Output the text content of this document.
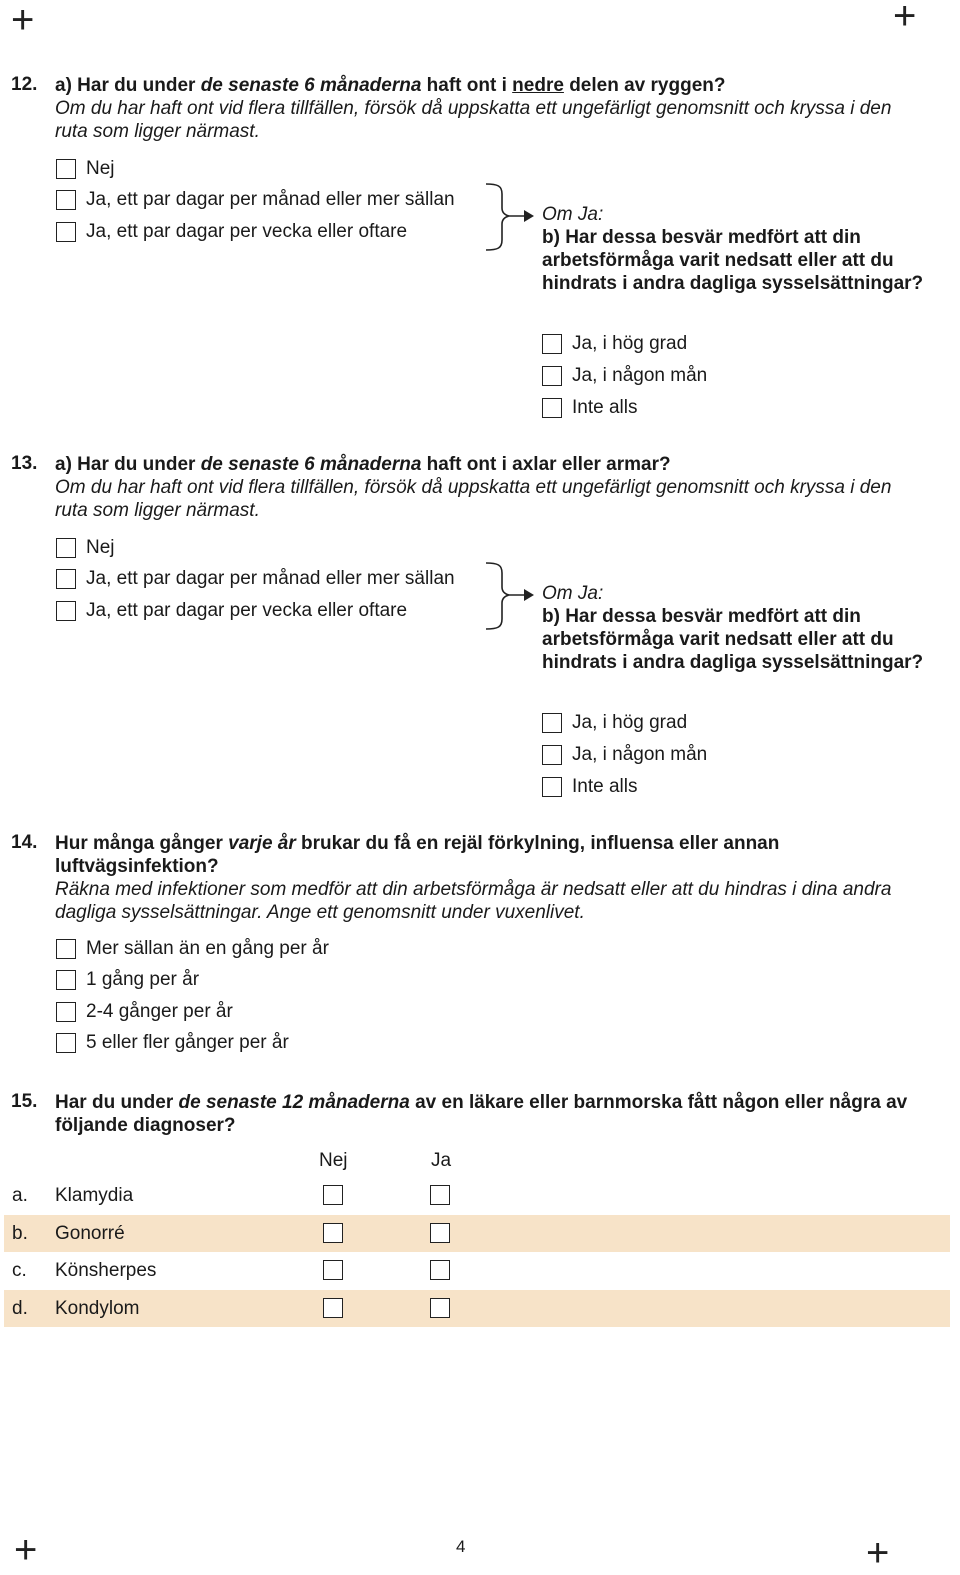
+	+
+	+
12. a) Har du under de senaste 6 månaderna haft ont i nedre delen av ryggen?
Om du har haft ont vid flera tillfällen, försök då uppskatta ett ungefärligt genomsnitt och kryssa i den ruta som ligger närmast.
Nej
Ja, ett par dagar per månad eller mer sällan
Ja, ett par dagar per vecka eller oftare
Om Ja:
b) Har dessa besvär medfört att din arbetsförmåga varit nedsatt eller att du hindrats i andra dagliga sysselsättningar?
Ja, i hög grad
Ja, i någon mån
Inte alls
13. a) Har du under de senaste 6 månaderna haft ont i axlar eller armar?
Om du har haft ont vid flera tillfällen, försök då uppskatta ett ungefärligt genomsnitt och kryssa i den ruta som ligger närmast.
Nej
Ja, ett par dagar per månad eller mer sällan
Ja, ett par dagar per vecka eller oftare
Om Ja:
b) Har dessa besvär medfört att din arbetsförmåga varit nedsatt eller att du hindrats i andra dagliga sysselsättningar?
Ja, i hög grad
Ja, i någon mån
Inte alls
14. Hur många gånger varje år brukar du få en rejäl förkylning, influensa eller annan luftvägsinfektion?
Räkna med infektioner som medför att din arbetsförmåga är nedsatt eller att du hindras i dina andra dagliga sysselsättningar. Ange ett genomsnitt under vuxenlivet.
Mer sällan än en gång per år
1 gång per år
2-4 gånger per år
5 eller fler gånger per år
15. Har du under de senaste 12 månaderna av en läkare eller barnmorska fått någon eller några av följande diagnoser?
Nej	Ja
a. Klamydia
b. Gonorré
c. Könsherpes
d. Kondylom
4
